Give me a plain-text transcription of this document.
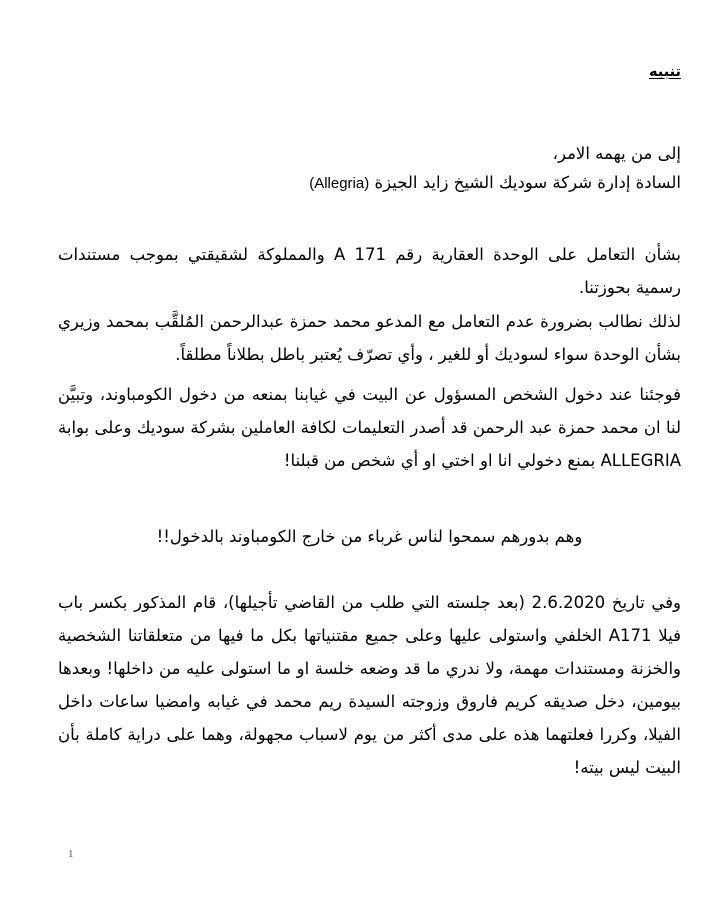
تنبيه
إلى من يهمه الامر،
السادة إدارة شركة سوديك الشيخ زايد الجيزة (Allegria)
بشأن التعامل على الوحدة العقارية رقم 171 A والمملوكة لشقيقتي بموجب مستندات رسمية بحوزتنا.
لذلك نطالب بضرورة عدم التعامل مع المدعو محمد حمزة عبدالرحمن المُلقَّب بمحمد وزيري بشأن الوحدة سواء لسوديك أو للغير ، وأي تصرّف يُعتبر باطل بطلاناً مطلقاً.
فوجئنا عند دخول الشخص المسؤول عن البيت في غيابنا بمنعه من دخول الكومباوند، وتبيَّن لنا ان محمد حمزة عبد الرحمن قد أصدر التعليمات لكافة العاملين بشركة سوديك وعلى بوابة ALLEGRIA بمنع دخولي انا او اختي او أي شخص من قبلنا!
وهم بدورهم سمحوا لناس غرباء من خارج الكومباوند بالدخول!!
وفي تاريخ 2.6.2020 (بعد جلسته التي طلب من القاضي تأجيلها)، قام المذكور بكسر باب فيلا A171 الخلفي واستولى عليها وعلى جميع مقتنياتها بكل ما فيها من متعلقاتنا الشخصية والخزنة ومستندات مهمة، ولا ندري ما قد وضعه خلسة او ما استولى عليه من داخلها! وبعدها بيومين، دخل صديقه كريم فاروق وزوجته السيدة ريم محمد في غيابه وامضيا ساعات داخل الفيلا، وكررا فعلتهما هذه على مدى أكثر من يوم لاسباب مجهولة، وهما على دراية كاملة بأن البيت ليس بيته!
1
